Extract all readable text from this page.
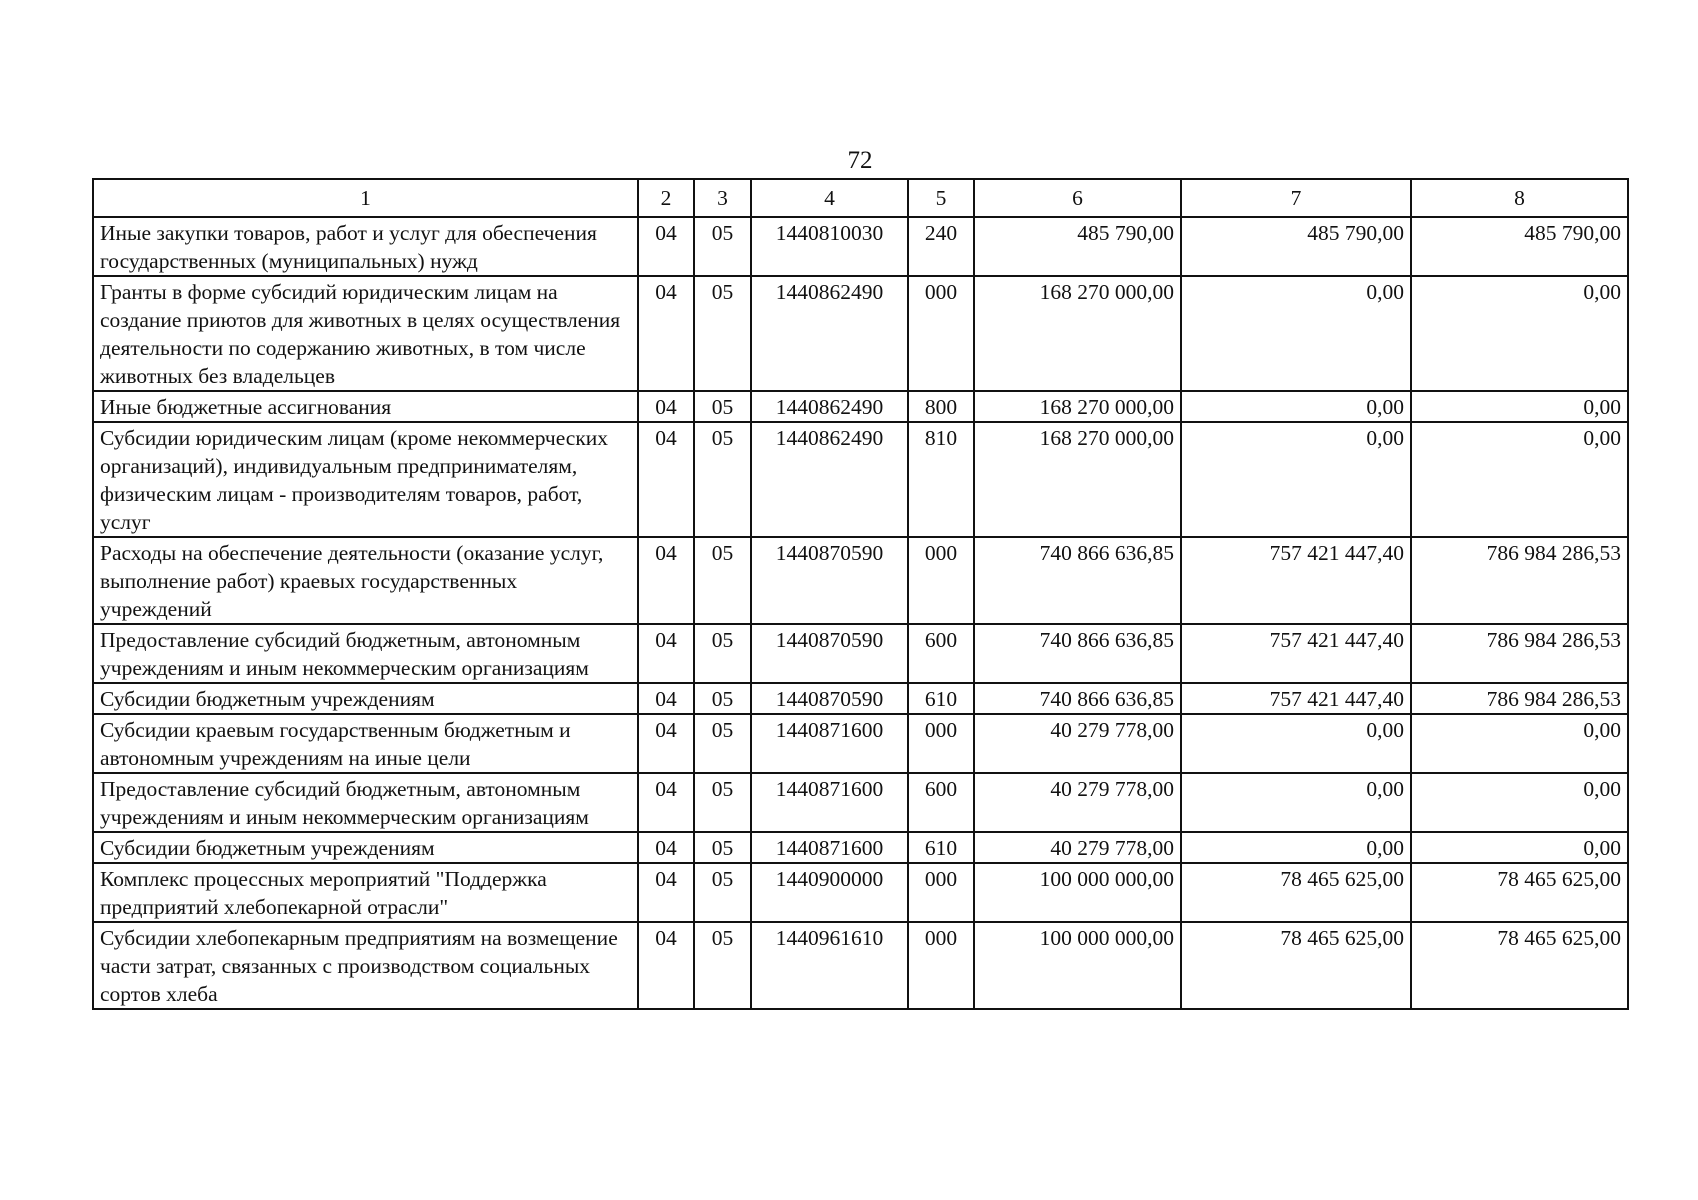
72
1	2	3	4	5	6	7	8
Иные закупки товаров, работ и услуг для обеспечения государственных (муниципальных) нужд	04	05	1440810030	240	485 790,00	485 790,00	485 790,00
Гранты в форме субсидий юридическим лицам на создание приютов для животных в целях осуществления деятельности по содержанию животных, в том числе животных без владельцев	04	05	1440862490	000	168 270 000,00	0,00	0,00
Иные бюджетные ассигнования	04	05	1440862490	800	168 270 000,00	0,00	0,00
Субсидии юридическим лицам (кроме некоммерческих организаций), индивидуальным предпринимателям, физическим лицам - производителям товаров, работ, услуг	04	05	1440862490	810	168 270 000,00	0,00	0,00
Расходы на обеспечение деятельности (оказание услуг, выполнение работ) краевых государственных учреждений	04	05	1440870590	000	740 866 636,85	757 421 447,40	786 984 286,53
Предоставление субсидий бюджетным, автономным учреждениям и иным некоммерческим организациям	04	05	1440870590	600	740 866 636,85	757 421 447,40	786 984 286,53
Субсидии бюджетным учреждениям	04	05	1440870590	610	740 866 636,85	757 421 447,40	786 984 286,53
Субсидии краевым государственным бюджетным и автономным учреждениям на иные цели	04	05	1440871600	000	40 279 778,00	0,00	0,00
Предоставление субсидий бюджетным, автономным учреждениям и иным некоммерческим организациям	04	05	1440871600	600	40 279 778,00	0,00	0,00
Субсидии бюджетным учреждениям	04	05	1440871600	610	40 279 778,00	0,00	0,00
Комплекс процессных мероприятий "Поддержка предприятий хлебопекарной отрасли"	04	05	1440900000	000	100 000 000,00	78 465 625,00	78 465 625,00
Субсидии хлебопекарным предприятиям на возмещение части затрат, связанных с производством социальных сортов хлеба	04	05	1440961610	000	100 000 000,00	78 465 625,00	78 465 625,00
